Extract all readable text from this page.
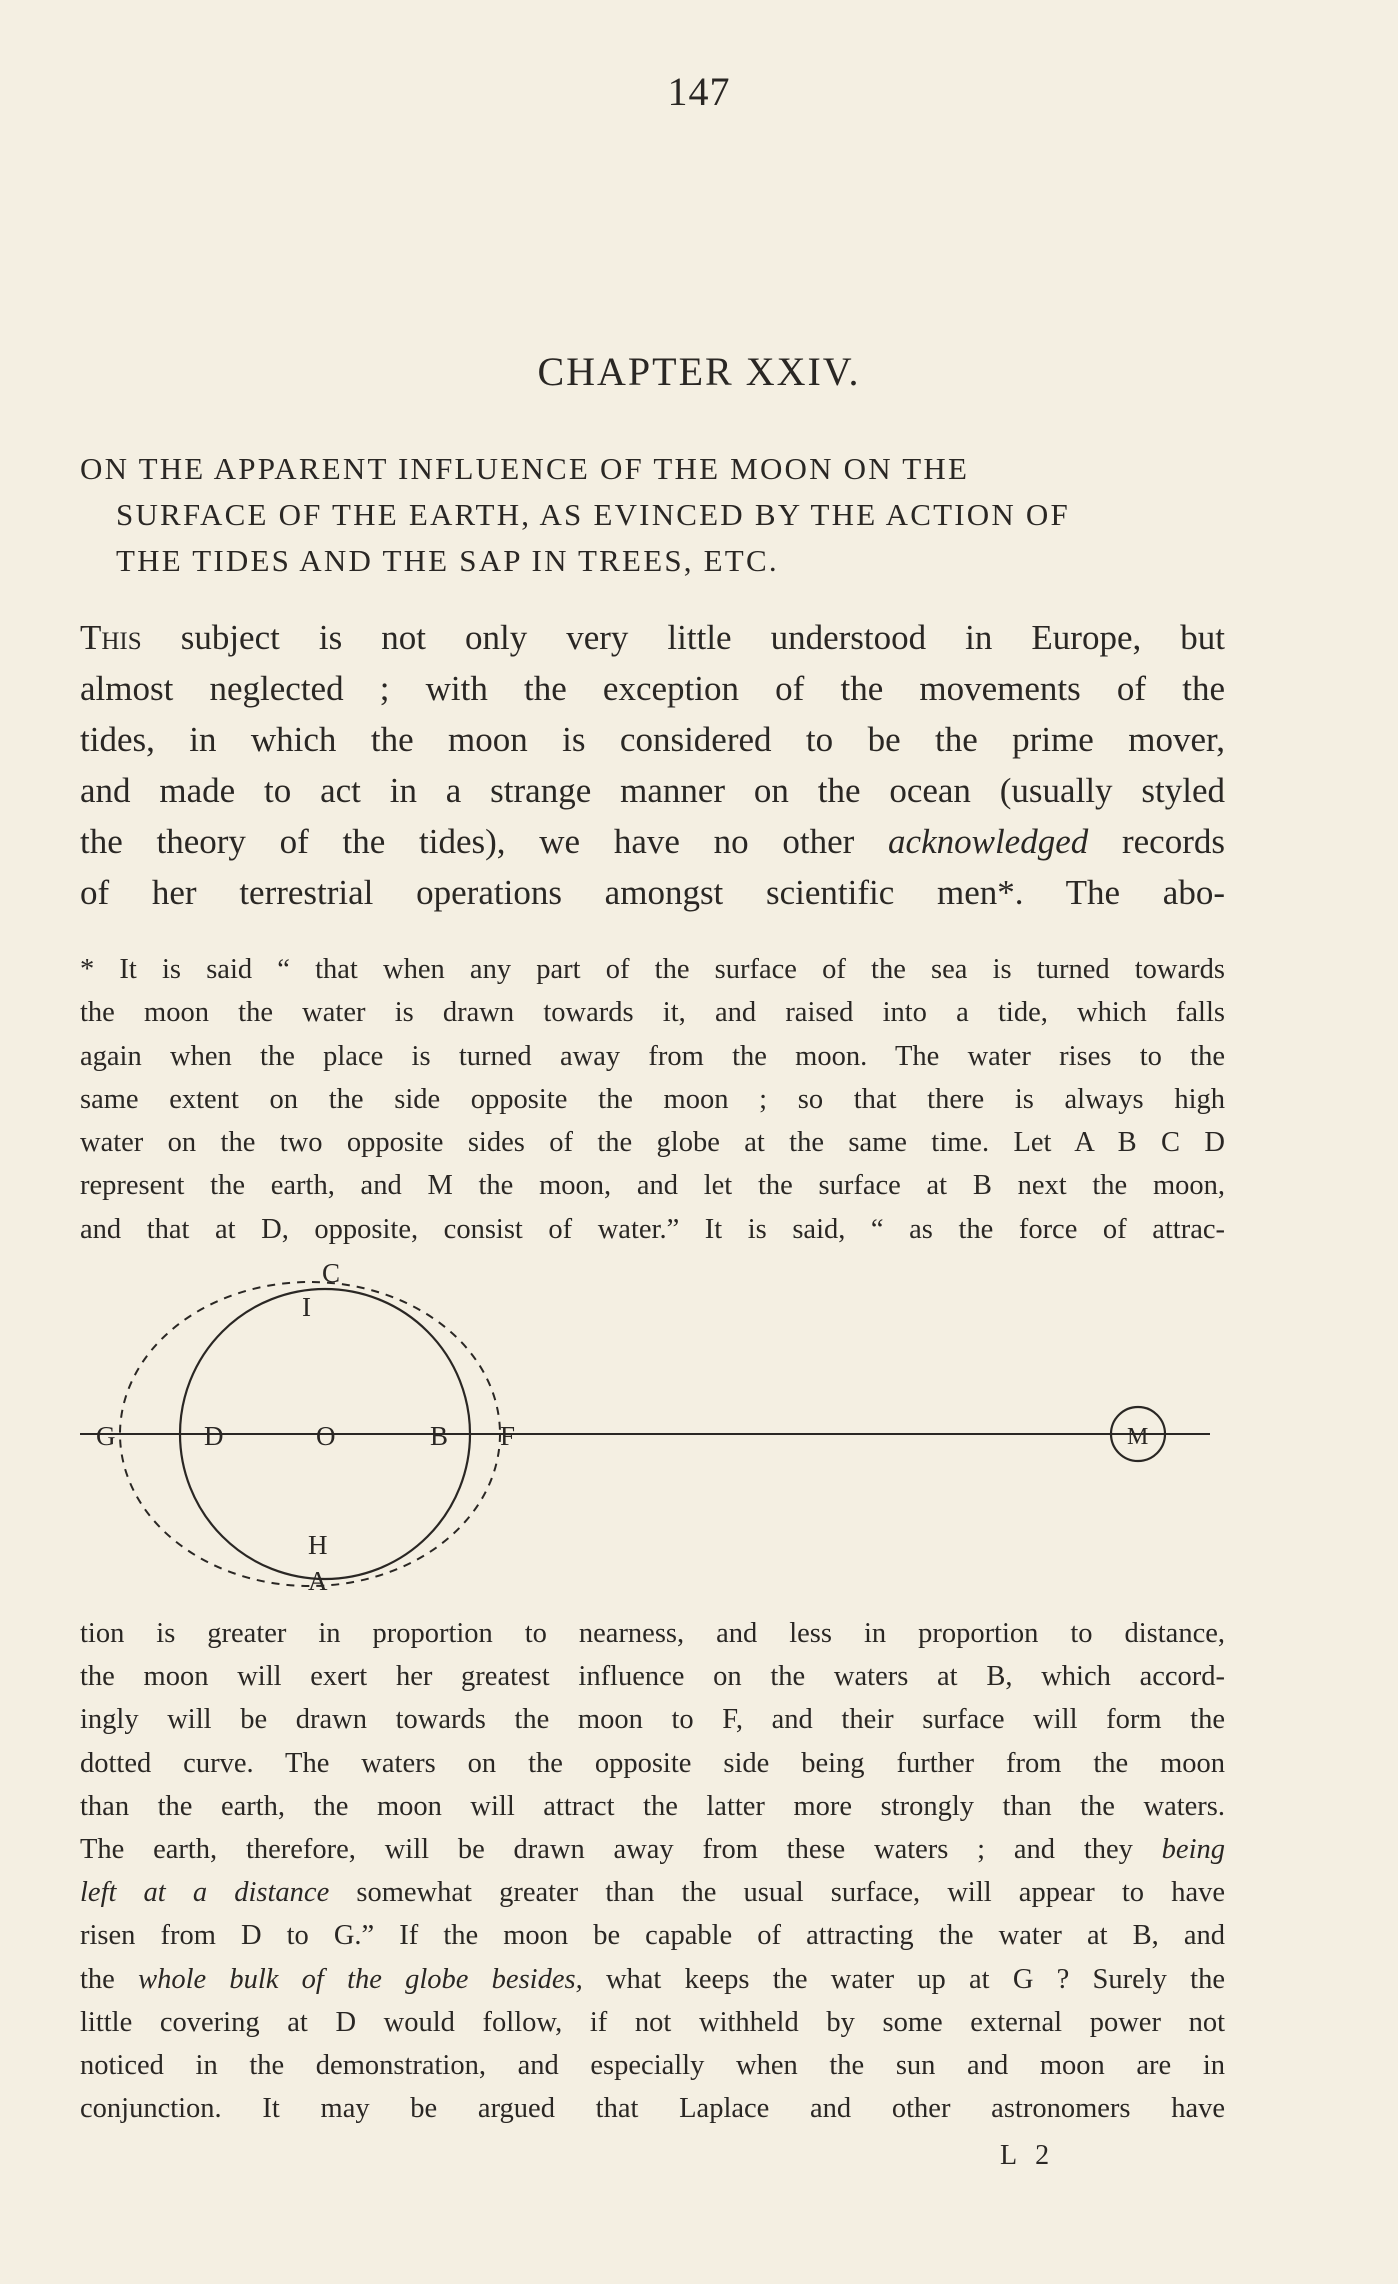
147
CHAPTER XXIV.
ON THE APPARENT INFLUENCE OF THE MOON ON THE
SURFACE OF THE EARTH, AS EVINCED BY THE ACTION OF
THE TIDES AND THE SAP IN TREES, ETC.
This subject is not only very little understood in Europe, but
almost neglected ; with the exception of the movements of the
tides, in which the moon is considered to be the prime mover,
and made to act in a strange manner on the ocean (usually styled
the theory of the tides), we have no other acknowledged records
of her terrestrial operations amongst scientific men*. The abo-
* It is said “ that when any part of the surface of the sea is turned towards
the moon the water is drawn towards it, and raised into a tide, which falls
again when the place is turned away from the moon. The water rises to the
same extent on the side opposite the moon ; so that there is always high
water on the two opposite sides of the globe at the same time. Let A B C D
represent the earth, and M the moon, and let the surface at B next the moon,
and that at D, opposite, consist of water.” It is said, “ as the force of attrac-
C
I
G	D	O	B F	M
H
A
tion is greater in proportion to nearness, and less in proportion to distance,
the moon will exert her greatest influence on the waters at B, which accord-
ingly will be drawn towards the moon to F, and their surface will form the
dotted curve. The waters on the opposite side being further from the moon
than the earth, the moon will attract the latter more strongly than the waters.
The earth, therefore, will be drawn away from these waters ; and they being
left at a distance somewhat greater than the usual surface, will appear to have
risen from D to G.” If the moon be capable of attracting the water at B, and
the whole bulk of the globe besides, what keeps the water up at G ? Surely the
little covering at D would follow, if not withheld by some external power not
noticed in the demonstration, and especially when the sun and moon are in
conjunction. It may be argued that Laplace and other astronomers have
L 2
